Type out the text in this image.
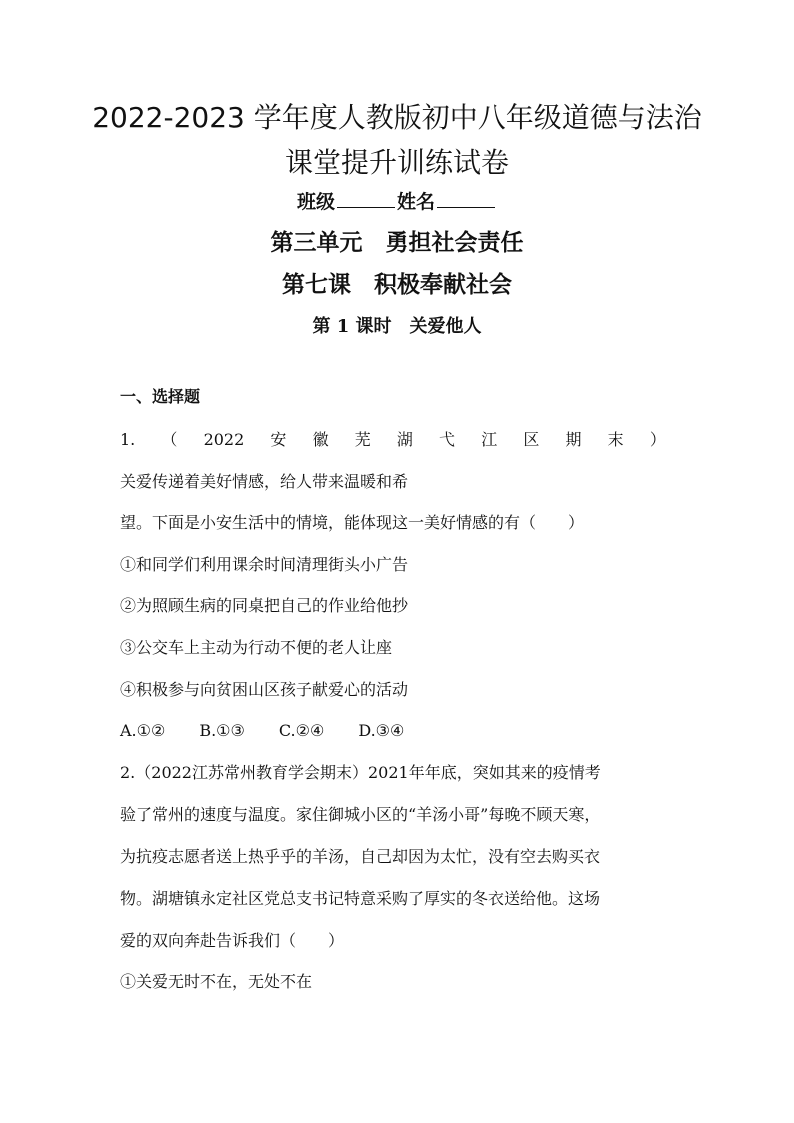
2022-2023 学年度人教版初中八年级道德与法治
课堂提升训练试卷
班级	姓名
第三单元　勇担社会责任
第七课　积极奉献社会
第 1 课时　关爱他人
一、选择题
1. （ 2022 安 徽 芜 湖 弋 江 区 期 末 ）
关爱传递着美好情感，给人带来温暖和希
望。下面是小安生活中的情境，能体现这一美好情感的有（　　）
①和同学们利用课余时间清理街头小广告
②为照顾生病的同桌把自己的作业给他抄
③公交车上主动为行动不便的老人让座
④积极参与向贫困山区孩子献爱心的活动
A.①② B.①③ C.②④ D.③④
2.（2022江苏常州教育学会期末）2021年年底，突如其来的疫情考
验了常州的速度与温度。家住御城小区的“羊汤小哥”每晚不顾天寒，
为抗疫志愿者送上热乎乎的羊汤，自己却因为太忙，没有空去购买衣
物。湖塘镇永定社区党总支书记特意采购了厚实的冬衣送给他。这场
爱的双向奔赴告诉我们（　　）
①关爱无时不在，无处不在
